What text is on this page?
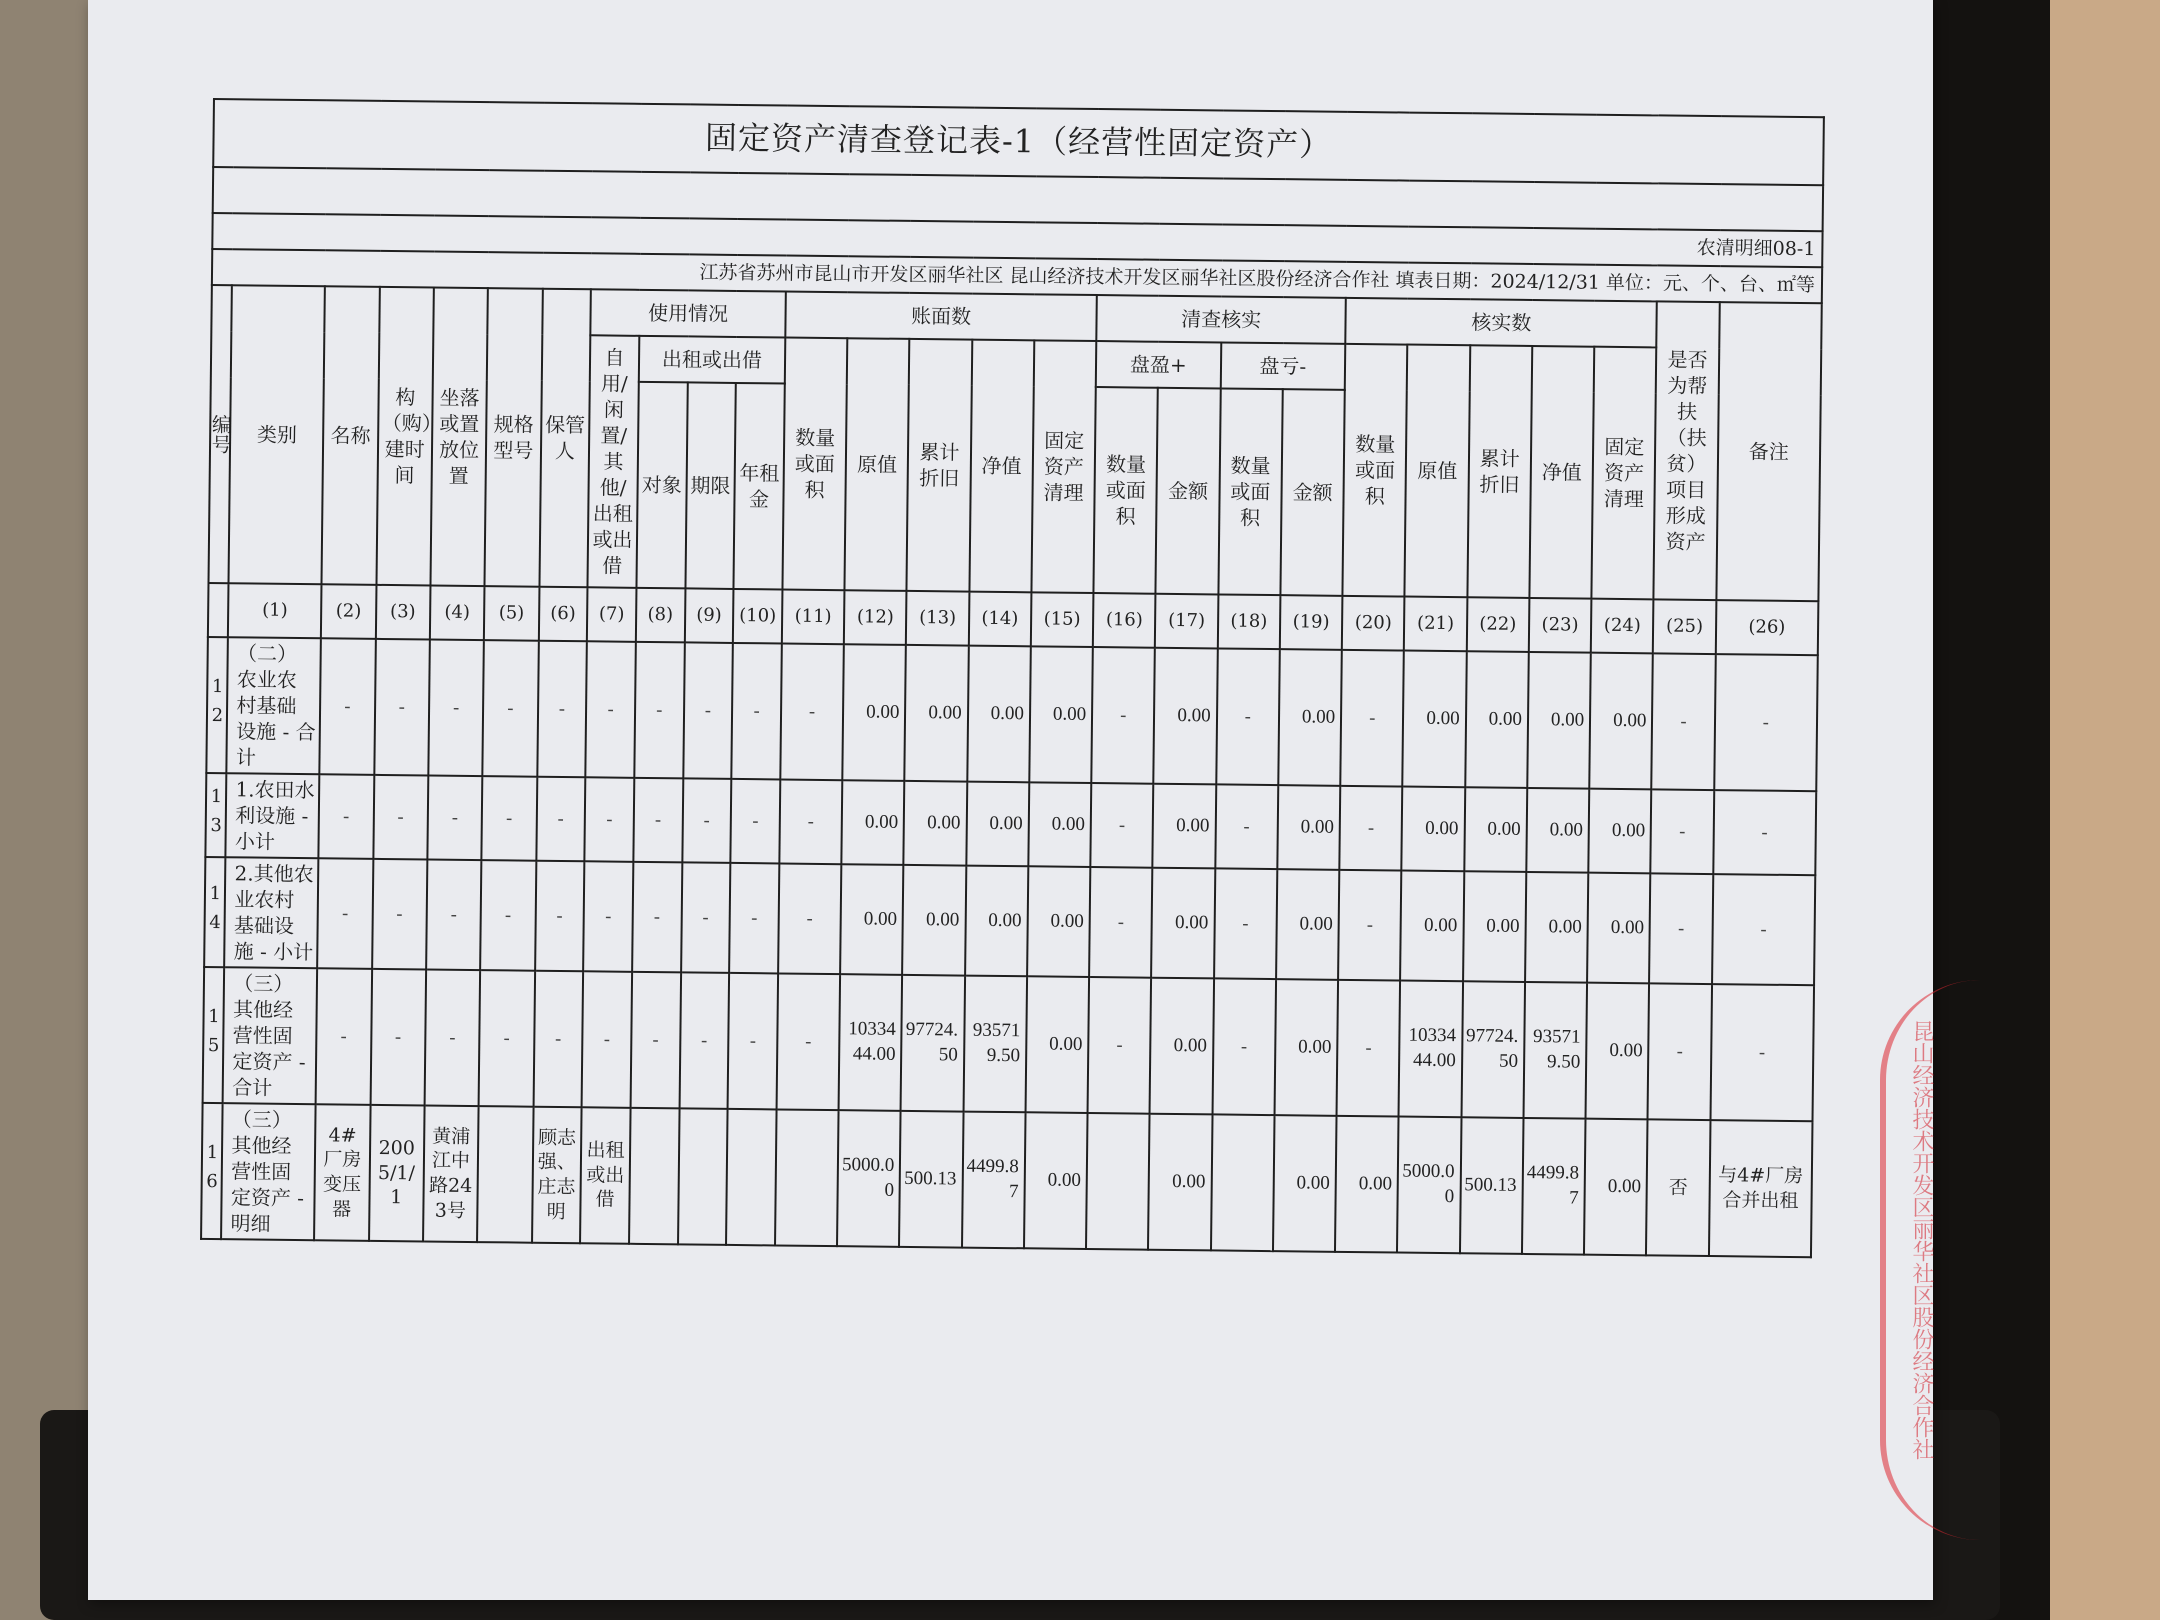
固定资产清查登记表-1（经营性固定资产）																										

农清明细08-1																										
江苏省苏州市昆山市开发区丽华社区 昆山经济技术开发区丽华社区股份经济合作社 填表日期：2024/12/31 单位：元、个、台、㎡等																										
编号	类别	名称	构（购）建时间	坐落或置放位置	规格型号	保管人	使用情况				账面数					清查核实				核实数					是否为帮扶（扶贫）项目形成资产	备注
							自用/闲置/其他/出租或出借	出租或出借			数量或面积	原值	累计折旧	净值	固定资产清理	盘盈+		盘亏-		数量或面积	原值	累计折旧	净值	固定资产清理		
								对象	期限	年租金						数量或面积	金额	数量或面积	金额							

	(1)	(2)	(3)	(4)	(5)	(6)	(7)	(8)	(9)	(10)	(11)	(12)	(13)	(14)	(15)	(16)	(17)	(18)	(19)	(20)	(21)	(22)	(23)	(24)	(25)	(26)
12	（二）农业农村基础设施 - 合计	-	-	-	-	-	-	-	-	-	-	0.00	0.00	0.00	0.00	-	0.00	-	0.00	-	0.00	0.00	0.00	0.00	-	-
13	1.农田水利设施 - 小计	-	-	-	-	-	-	-	-	-	-	0.00	0.00	0.00	0.00	-	0.00	-	0.00	-	0.00	0.00	0.00	0.00	-	-
14	2.其他农业农村基础设施 - 小计	-	-	-	-	-	-	-	-	-	-	0.00	0.00	0.00	0.00	-	0.00	-	0.00	-	0.00	0.00	0.00	0.00	-	-
15	（三）其他经营性固定资产 - 合计	-	-	-	-	-	-	-	-	-	-	1033444.00	97724.50	935719.50	0.00	-	0.00	-	0.00	-	1033444.00	97724.50	935719.50	0.00	-	-
16	（三）其他经营性固定资产 - 明细	4#厂房变压器	2005/1/1	黄浦江中路243号		顾志强、庄志明	出租或出借					5000.00	500.13	4499.87	0.00		0.00		0.00	0.00	5000.00	500.13	4499.87	0.00	否	与4#厂房合并出租	昆山经济技术开发区丽华社区股份经济合作社
